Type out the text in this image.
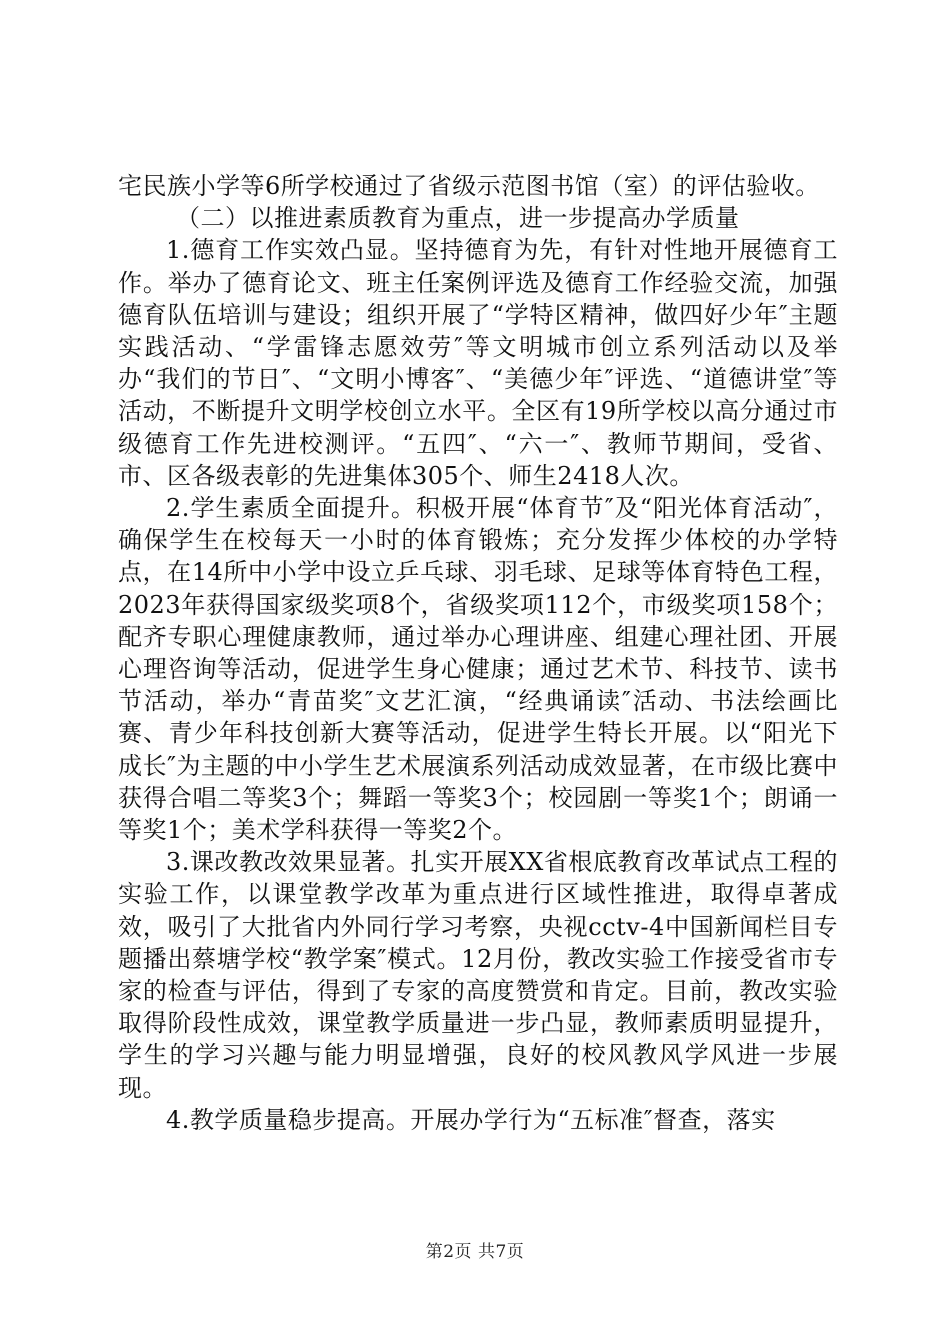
宅民族小学等6所学校通过了省级示范图书馆（室）的评估验收。

（二）以推进素质教育为重点，进一步提高办学质量

1.德育工作实效凸显。坚持德育为先，有针对性地开展德育工作。举办了德育论文、班主任案例评选及德育工作经验交流，加强德育队伍培训与建设；组织开展了“学特区精神，做四好少年″主题实践活动、“学雷锋志愿效劳″等文明城市创立系列活动以及举办“我们的节日″、“文明小博客″、“美德少年″评选、“道德讲堂″等活动，不断提升文明学校创立水平。全区有19所学校以高分通过市级德育工作先进校测评。“五四″、“六一″、教师节期间，受省、市、区各级表彰的先进集体305个、师生2418人次。

2.学生素质全面提升。积极开展“体育节″及“阳光体育活动″，确保学生在校每天一小时的体育锻炼；充分发挥少体校的办学特点，在14所中小学中设立乒乓球、羽毛球、足球等体育特色工程，2023年获得国家级奖项8个，省级奖项112个，市级奖项158个；配齐专职心理健康教师，通过举办心理讲座、组建心理社团、开展心理咨询等活动，促进学生身心健康；通过艺术节、科技节、读书节活动，举办“青苗奖″文艺汇演，“经典诵读″活动、书法绘画比赛、青少年科技创新大赛等活动，促进学生特长开展。以“阳光下成长″为主题的中小学生艺术展演系列活动成效显著，在市级比赛中获得合唱二等奖3个；舞蹈一等奖3个；校园剧一等奖1个；朗诵一等奖1个；美术学科获得一等奖2个。

3.课改教改效果显著。扎实开展XX省根底教育改革试点工程的实验工作，以课堂教学改革为重点进行区域性推进，取得卓著成效，吸引了大批省内外同行学习考察，央视cctv-4中国新闻栏目专题播出蔡塘学校“教学案″模式。12月份，教改实验工作接受省市专家的检查与评估，得到了专家的高度赞赏和肯定。目前，教改实验取得阶段性成效，课堂教学质量进一步凸显，教师素质明显提升，学生的学习兴趣与能力明显增强，良好的校风教风学风进一步展现。

4.教学质量稳步提高。开展办学行为“五标准″督查，落实

第2页 共7页
